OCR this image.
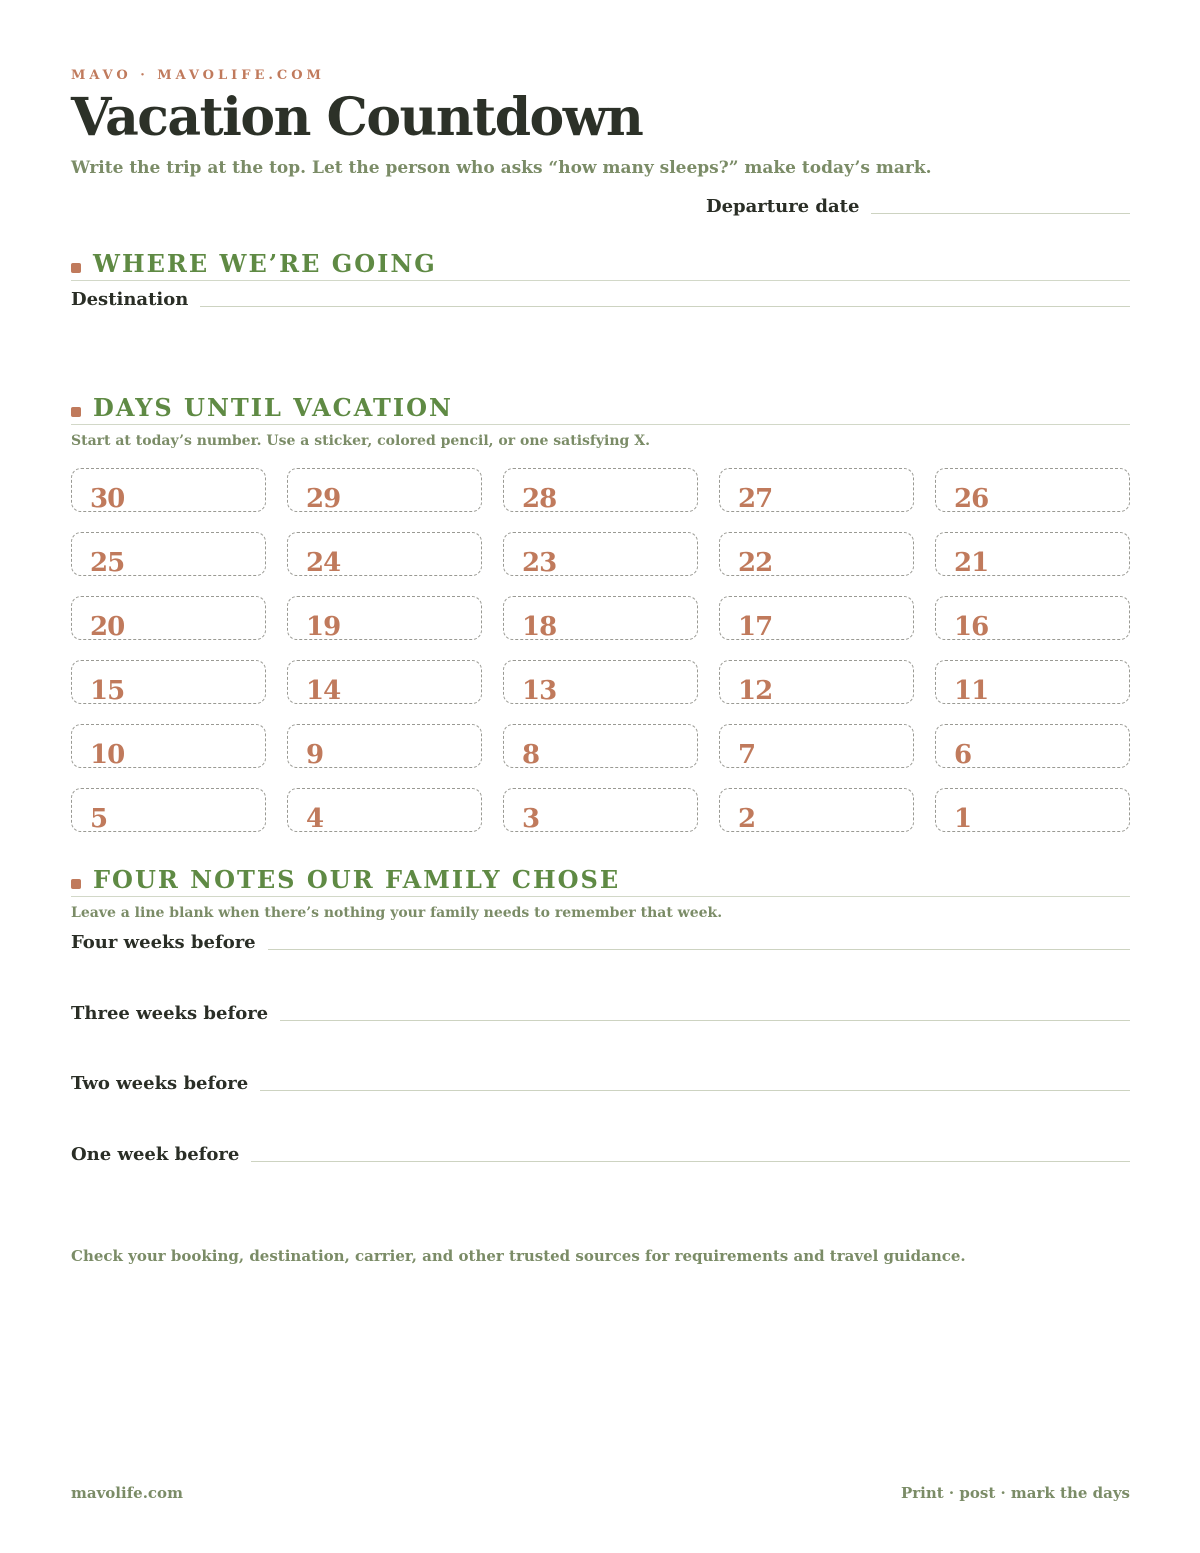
MAVO · MAVOLIFE.COM
Vacation Countdown
Write the trip at the top. Let the person who asks “how many sleeps?” make today’s mark.
Departure date
WHERE WE’RE GOING
Destination
DAYS UNTIL VACATION
Start at today’s number. Use a sticker, colored pencil, or one satisfying X.
30	29	28	27	26
25	24	23	22	21
20	19	18	17	16
15	14	13	12	11
10	9	8	7	6
5	4	3	2	1
FOUR NOTES OUR FAMILY CHOSE
Leave a line blank when there’s nothing your family needs to remember that week.
Four weeks before
Three weeks before
Two weeks before
One week before
Check your booking, destination, carrier, and other trusted sources for requirements and travel guidance.
mavolife.com	Print · post · mark the days
